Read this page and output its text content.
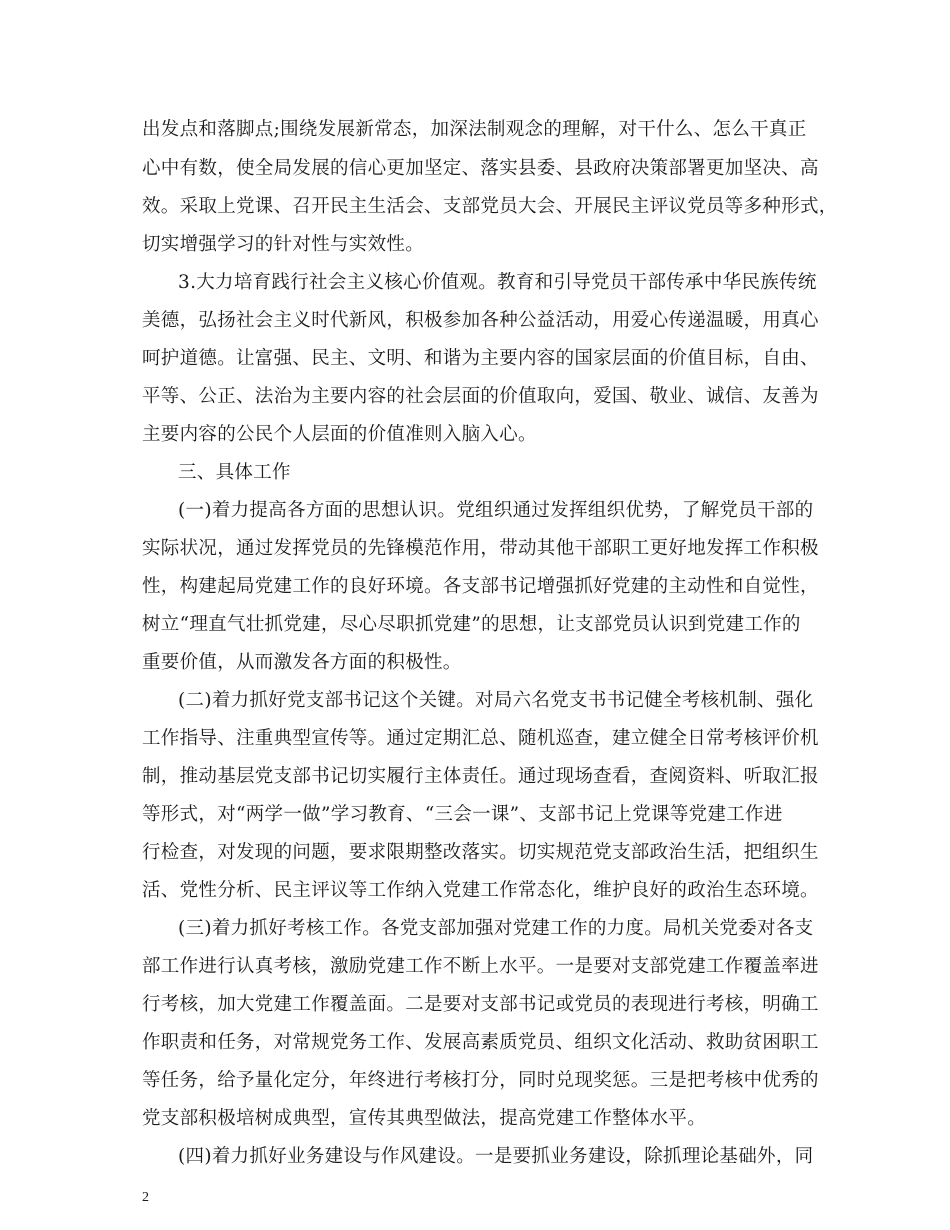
出发点和落脚点;围绕发展新常态，加深法制观念的理解，对干什么、怎么干真正
心中有数，使全局发展的信心更加坚定、落实县委、县政府决策部署更加坚决、高
效。采取上党课、召开民主生活会、支部党员大会、开展民主评议党员等多种形式，
切实增强学习的针对性与实效性。
3.大力培育践行社会主义核心价值观。教育和引导党员干部传承中华民族传统
美德，弘扬社会主义时代新风，积极参加各种公益活动，用爱心传递温暖，用真心
呵护道德。让富强、民主、文明、和谐为主要内容的国家层面的价值目标，自由、
平等、公正、法治为主要内容的社会层面的价值取向，爱国、敬业、诚信、友善为
主要内容的公民个人层面的价值准则入脑入心。
三、具体工作
(一)着力提高各方面的思想认识。党组织通过发挥组织优势，了解党员干部的
实际状况，通过发挥党员的先锋模范作用，带动其他干部职工更好地发挥工作积极
性，构建起局党建工作的良好环境。各支部书记增强抓好党建的主动性和自觉性，
树立“理直气壮抓党建，尽心尽职抓党建”的思想，让支部党员认识到党建工作的
重要价值，从而激发各方面的积极性。
(二)着力抓好党支部书记这个关键。对局六名党支书书记健全考核机制、强化
工作指导、注重典型宣传等。通过定期汇总、随机巡查，建立健全日常考核评价机
制，推动基层党支部书记切实履行主体责任。通过现场查看，查阅资料、听取汇报
等形式，对“两学一做”学习教育、“三会一课”、支部书记上党课等党建工作进
行检查，对发现的问题，要求限期整改落实。切实规范党支部政治生活，把组织生
活、党性分析、民主评议等工作纳入党建工作常态化，维护良好的政治生态环境。
(三)着力抓好考核工作。各党支部加强对党建工作的力度。局机关党委对各支
部工作进行认真考核，激励党建工作不断上水平。一是要对支部党建工作覆盖率进
行考核，加大党建工作覆盖面。二是要对支部书记或党员的表现进行考核，明确工
作职责和任务，对常规党务工作、发展高素质党员、组织文化活动、救助贫困职工
等任务，给予量化定分，年终进行考核打分，同时兑现奖惩。三是把考核中优秀的
党支部积极培树成典型，宣传其典型做法，提高党建工作整体水平。
(四)着力抓好业务建设与作风建设。一是要抓业务建设，除抓理论基础外，同
2
